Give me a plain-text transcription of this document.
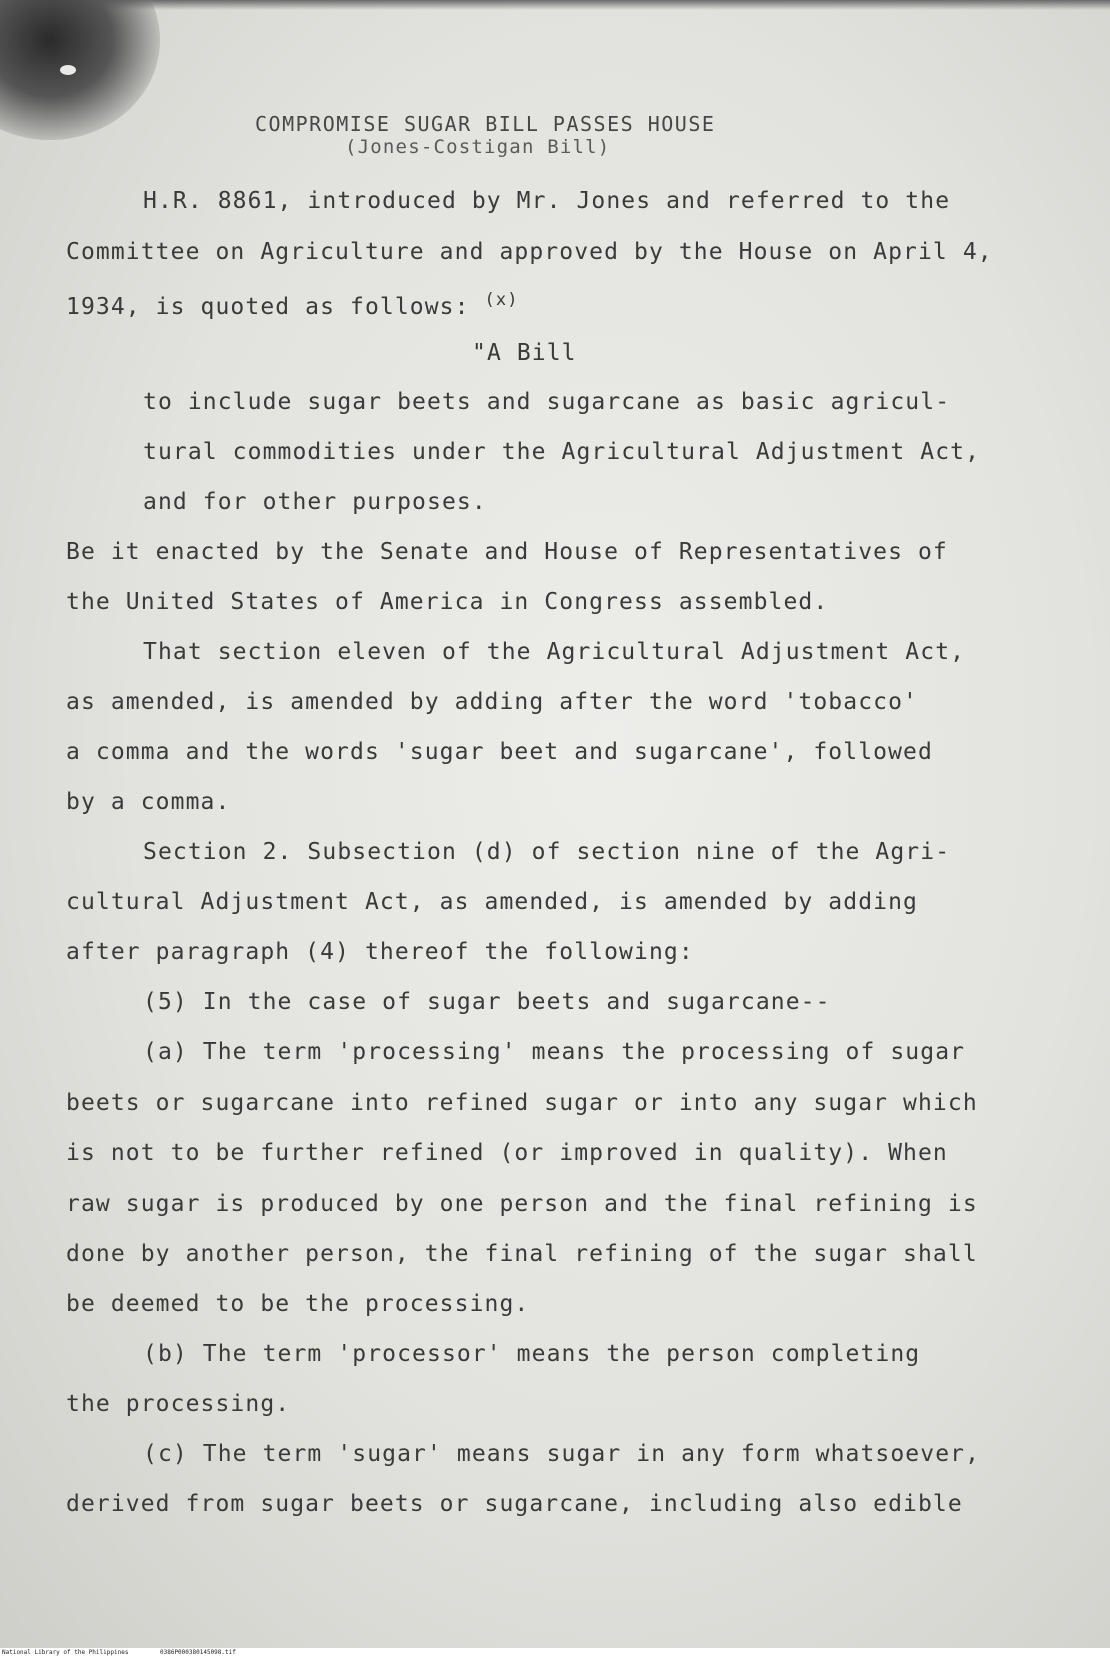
COMPROMISE SUGAR BILL PASSES HOUSE
(Jones-Costigan Bill)
H.R. 8861, introduced by Mr. Jones and referred to the
Committee on Agriculture and approved by the House on April 4,
1934, is quoted as follows: $^{(x)}$
"A Bill
to include sugar beets and sugarcane as basic agricul-
tural commodities under the Agricultural Adjustment Act,
and for other purposes.
Be it enacted by the Senate and House of Representatives of
the United States of America in Congress assembled.
That section eleven of the Agricultural Adjustment Act,
as amended, is amended by adding after the word 'tobacco'
a comma and the words 'sugar beet and sugarcane', followed
by a comma.
Section 2. Subsection (d) of section nine of the Agri-
cultural Adjustment Act, as amended, is amended by adding
after paragraph (4) thereof the following:
(5) In the case of sugar beets and sugarcane--
(a) The term 'processing' means the processing of sugar
beets or sugarcane into refined sugar or into any sugar which
is not to be further refined (or improved in quality). When
raw sugar is produced by one person and the final refining is
done by another person, the final refining of the sugar shall
be deemed to be the processing.
(b) The term 'processor' means the person completing
the processing.
(c) The term 'sugar' means sugar in any form whatsoever,
derived from sugar beets or sugarcane, including also edible
National Library of the Philippines	0386P000380145098.tif
